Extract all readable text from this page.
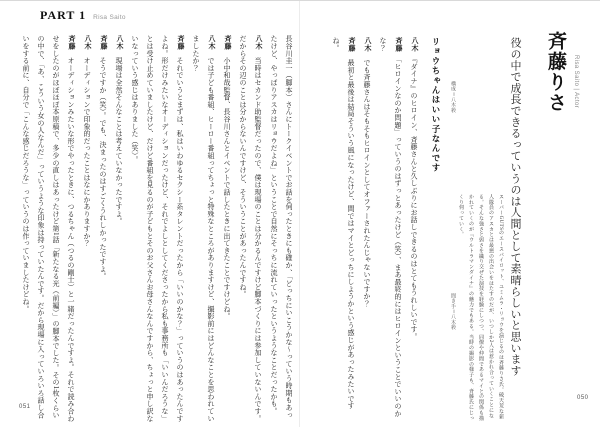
PART 1 Risa Saito

長谷川圭一（脚本）さんにトークイベントでお話を伺ったときにも確か、「どっちにいこうかな〜っていう時期もあったけど、やっぱりアスカはリョウだよね」ということで自然にそっちに流れていったというようなことだったかも。

八木　当時はセカンド助監督だったので、僕は現場のことは分かるんですけど脚本づくりには参加していないんです。だからその辺のことは分からないんですけど、そういうことがあったんですね。

斉藤　小中和哉監督、長谷川さんとイベントで話したときに出てきたことですけどね。

八木　では子ども番組、ヒーロー番組ってちょっと特殊なところがありますけど、撮影前にはどんなことを思われていましたか？

斉藤　それでいうとまずは、私はいわゆるセクシー系タレントだったから「いいのかな？」っていうのはあったんですよね。形だけみたいなオーディションだったけど、それでよしとしてくださったから私も事務所も「いいんだろうな」とは受け止めていましたけど、だけど番組を見るのが子どもとそのお父さんお母さんなんですから、ちょっと申し訳ないなっていう感じはありました（笑）。

八木　現場は全然そんなことは考えていなかったですよ。

斉藤　そうですか（笑）。でも、決まったのはすごくうれしかったですよ。

八木　オーディションで印象的だったことはなにかありますか？

斉藤　オーディションみたいな形でやったときに、つるちゃん（つるの剛士）と一緒だったんですよ。それで読み合わせをしたのがほぼほぼ本原稿で、多少の直しはあったけど第1話「新たなる光（前編）」の脚本でした。その1枚くらいの中で、「あ、こういう女の人なんだ」っていうような印象は持っていたんです。だから現場に入っていろいろ話し合いをする前に、自分で「こんな感じだろうな」っていうのは作っていましたけどね。

051
Risa Saito | Actor
斉藤りさ
役の中で成長できるっていうのは人間として素晴らしいと思います
スーパーGUTSのエースパイロット、ユミムラ・リョウを演じるのは斉藤りさ氏。破天荒な新人隊員のアスカとは最悪の出会いをはたすのだが、いつしか2人は惹かれ合っていくことになる。そんな強さと弱さを織り交ぜた演技を経験にしつつ、同僚や仲間であるマイとの関係も描かれていくのが『ウルトラマンダイナ』の魅力でもある。当時の撮影の様子も、斉藤氏にじっくり伺っていく。
構成＝八木毅
聞き手＝八木毅

リョウちゃんはいい子なんです

八木　『ダイナ』のヒロイン、斉藤さんと久しぶりにお話しできるのはとてもうれしいです。

斉藤　「ヒロインなのか問題」っていうのはずっとあったけど（笑）、まあ最終的にはヒロインということでいいのかな？

八木　でも斉藤さんはそもそもヒロインとしてオファーされたんじゃないですか？

斉藤　最初と最後は結局そういう風になったけど、間ではマイとどっちにしようかという感じがあったみたいですね。

050
